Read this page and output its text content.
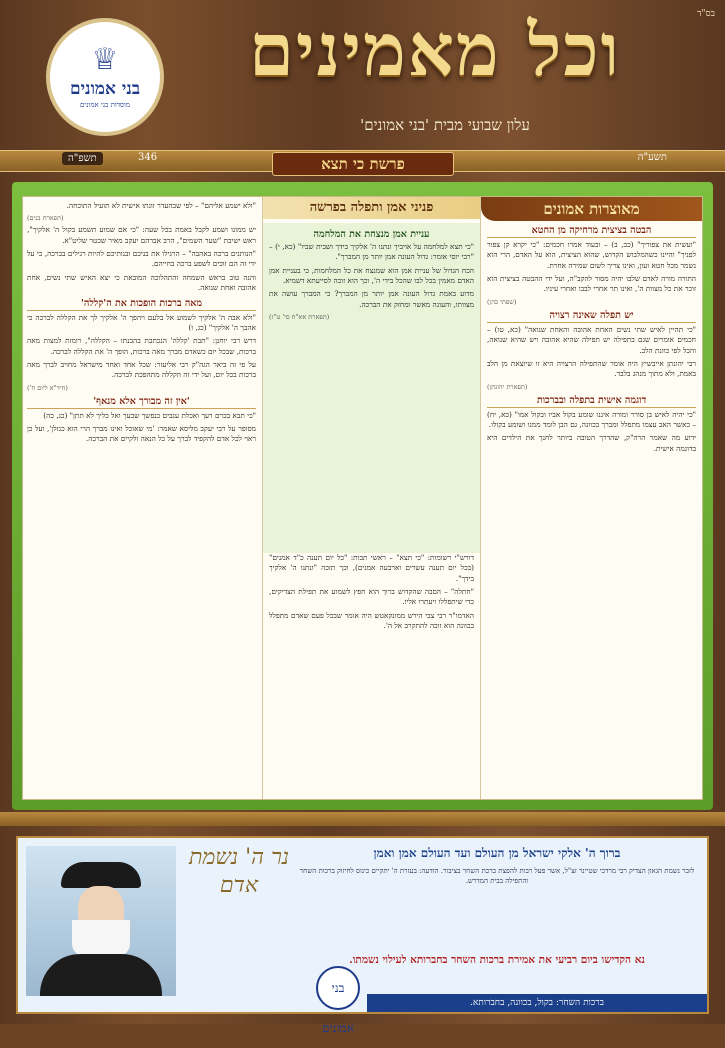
בס"ד
♕
בני אמונים
מוסדות בני אמונים
וכל מאמינים
עלון שבועי מבית 'בני אמונים'
תשפ"ה	346	תשע"ה
פרשת כי תצא
מאוצרות אמונים
הבטה בציצית מרחיקה מן החטא

"ועשית את צפוריך" (כב, ב) – ובעוד אמרו חכמים: "כי יקרא קן צפור לפניך" והיינו כשהמלבוש הקדוש, שהוא הציצית, הוא על האדם, הרי הוא נשמר מכל חטא ועון, ואינו צריך לשום שמירה אחרת.

התורה מורה לאדם שלבו יהיה מסור להקב"ה, ועל ידי ההבטה בציצית הוא זוכר את כל מצוות ה', ואינו תר אחרי לבבו ואחרי עיניו.

(שפתי כהן)

יש תפלה שאינה רצויה

"כי תהיין לאיש שתי נשים האחת אהובה והאחת שנואה" (כא, טו) – חכמים אומרים שגם בתפילה יש תפילה שהיא אהובה ויש שהיא שנואה, והכל לפי כוונת הלב.

רבי יהונתן אייבשיץ היה אומר שהתפילה הרצויה היא זו שיוצאת מן הלב באמת, ולא מתוך מנהג בלבד.

(תפארת יהונתן)

דוגמה אישית בתפלה ובברכות

"כי יהיה לאיש בן סורר ומורה איננו שומע בקול אביו ובקול אמו" (כא, יח) – כאשר האב עצמו מתפלל ומברך בכוונה, גם הבן לומד ממנו ושומע בקולו.

ידוע מה שאמר הרה"ק, שהדרך הטובה ביותר לחנך את הילדים היא בדוגמה אישית.

פניני אמן ותפלה בפרשה
עניית אמן מנצחת את המלחמה

"כי תצא למלחמה על אויביך ונתנו ה' אלקיך בידך ושבית שביו" (כא, י) – "רבי יוסי אומר: גדול העונה אמן יותר מן המברך".

הכח הגדול של עניית אמן הוא שמנצח את כל המלחמות, כי בעניית אמן האדם מאמין בכל לבו שהכל בידי ה', וכך הוא זוכה לסייעתא דשמיא.

מדוע באמת גדול העונה אמן יותר מן המברך? כי המברך עושה את מצוותו, והעונה מאשר ומחזק את הברכה.

(תפארת אא"ח סי' ט"ז)

דורש"י רשומות: "כי תצא" – ראשי תבות: "כל יום תענה כ"ד אמנים" (בכל יום תענה עשרים וארבעה אמנים), וכך תזכה "ונתנו ה' אלקיך בידך".

"חתלה" – הסבה שהקדוש ברוך הוא חפץ לשמוע את תפילת הצדיקים, כדי שיתפללו ויעתרו אליו.

האדמו"ר רבי צבי הירש ממונקאטש היה אומר שבכל פעם שאדם מתפלל בכוונה הוא זוכה להתקרב אל ה'.

"ולא ישמע אליהם" – לפי שבהעדר זוגתו אישית לא תועיל התוכחה.

(תפארת בנים)

יש ממונו ושמע לקבל באמת בכל שעה: "כי אם שמוע תשמע בקול ה' אלקיך", ראש ישיבת "שער השמים", הרב אברהם יעקב מאיר שכטר שליט"א.

"הנותנים ברכה באהבה" – הרגילו את בניכם ובנותיכם להיות רגילים בברכה, כי על ידי זה הם זוכים לשפע ברכה בחייהם.

והנה טוב בראש השמחה והתהלוכה המובאת כי יצא האיש שתי נשים, אחת אהובה ואחת שנואה.

מאה ברכות הופכות את ה'קללה'

"ולא אבה ה' אלקיך לשמוע אל בלעם ויהפך ה' אלקיך לך את הקללה לברכה כי אהבך ה' אלקיך" (כג, ו)

דרש רבי יוחנן: "תבת 'קללה' הנכתבת בהבנתו – הקללה", רומזת למצות מאה ברכות, שבכל יום כשאדם מברך מאה ברכות, הופך ה' את הקללה לברכה.

על פי זה ביאר הגה"ק רבי אליעזר: שכל אחד ואחד מישראל מחויב לברך מאה ברכות בכל יום, ועל ידי זה הקללה מתהפכת לברכה.

(חיד"א ליום ח')

'אין זה מבורך אלא מנאף'

"כי תבא בכרם רעך ואכלת ענבים כנפשך שבעך ואל כליך לא תתן" (כג, כה)

מסופר על רבי יעקב מליסא שאמר: 'מי שאוכל ואינו מברך הרי הוא כגזלן', ועל כן ראוי לכל אדם להקפיד לברך על כל הנאה ולקיים את הברכה.

נר ה' נשמת אדם
ברוך ה' אלקי ישראל מן העולם ועד העולם אמן ואמן
לזכר נשמת הגאון הצדיק רבי מרדכי שטיינר זצ"ל, אשר פעל רבות להפצת ברכת השחר בציבור. הודעה: בעזרת ה' יתקיים כינוס לחיזוק ברכות השחר והתפילה בבית המדרש.
נא הקדישו ביום רביעי את אמירת ברכות השחר בחברותא לעילוי נשמתו.
בני אמונים
ברכות השחר: בקול, בכוונה, בחברותא.
